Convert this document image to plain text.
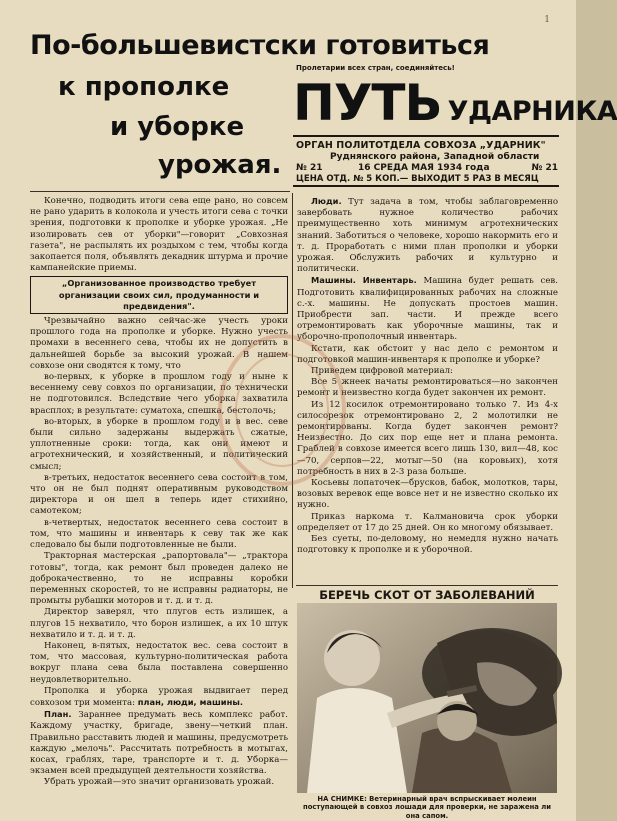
1
По-большевистски готовиться
к прополке
и уборке
урожая.
Пролетарии всех стран, соединяйтесь!
ПУТЬ УДАРНИКА
ОРГАН ПОЛИТОТДЕЛА СОВХОЗА „УДАРНИК"
Руднянского района, Западной области
№ 21	16 СРЕДА МАЯ 1934 года	№ 21
ЦЕНА ОТД. № 5 КОП.— ВЫХОДИТ 5 РАЗ В МЕСЯЦ

Конечно, подводить итоги сева еще рано, но совсем не рано ударить в колокола и учесть итоги сева с точки зрения, подготовки к прополке и уборке урожая. „Не изолировать сев от уборки"—говорит „Совхозная газета", не распылять их роздыхом с тем, чтобы когда закопается поля, объявлять декадник штурма и прочие кампанейские приемы.

„Организованное производство требует организации своих сил, продуманности и предвидения".

Чрезвычайно важно сейчас-же учесть уроки прошлого года на прополке и уборке. Нужно учесть промахи в весеннего сева, чтобы их не допустить в дальнейшей борьбе за высокий урожай. В нашем совхозе они сводятся к тому, что

во-первых, к уборке в прошлом году и ныне к весеннему севу совхоз по организации, по технически не подготовился. Вследствие чего уборка захватила врасплох; в результате: суматоха, спешка, бестолочь;

во-вторых, в уборке в прошлом году и в вес. севе были сильно задержаны выдержать сжатые, уплотненные сроки: тогда, как они имеют и агротехнический, и хозяйственный, и политический смысл;

в-третьих, недостаток весеннего сева состоит в том, что он не был поднят оперативным руководством директора и он шел в теперь идет стихийно, самотеком;

в-четвертых, недостаток весеннего сева состоит в том, что машины и инвентарь к севу так же как следовало бы были подготовленные не были.

Тракторная мастерская „рапортовала"— „трактора готовы", тогда, как ремонт был проведен далеко не доброкачественно, то не исправны коробки переменных скоростей, то не исправны радиаторы, не промыты рубашки моторов и т. д. и т. д.

Директор заверял, что плугов есть излишек, а плугов 15 нехватило, что борон излишек, а их 10 штук нехватило и т. д. и т. д.

Наконец, в-пятых, недостаток вес. сева состоит в том, что массовая, культурно-политическая работа вокруг плана сева была поставлена совершенно неудовлетворительно.

Прополка и уборка урожая выдвигает перед совхозом три момента: план, люди, машины.

План. Зараннее предумать весь комплекс работ. Каждому участку, бригаде, звену—четкий план. Правильно расставить людей и машины, предусмотреть каждую „мелочь". Рассчитать потребность в мотыгах, косах, граблях, таре, транспорте и т. д. Уборка—экзамен всей предыдущей деятельности хозяйства.

Убрать урожай—это значит организовать урожай.

Люди. Тут задача в том, чтобы заблаговременно завербовать нужное количество рабочих преимущественно хоть минимум агротехнических знаний. Заботиться о человеке, хорошо накормить его и т. д. Проработать с ними план прополки и уборки урожая. Обслужить рабочих и культурно и политически.

Машины. Инвентарь. Машина будет решать сев. Подготовить квалифицированных рабочих на сложные с.-х. машины. Не допускать простоев машин. Приобрести зап. части. И прежде всего отремонтировать как уборочные машины, так и уборочно-прополочный инвентарь.

Кстати, как обстоит у нас дело с ремонтом и подготовкой машин-инвентаря к прополке и уборке?

Приведем цифровой материал:

Все 5 жнеек начаты ремонтироваться—но закончен ремонт и неизвестно когда будет закончен их ремонт.

Из 12 косилок отремонтировано только 7. Из 4-х силосорезок отремонтировано 2, 2 молотилки не ремонтированы. Когда будет закончен ремонт? Неизвестно. До сих пор еще нет и плана ремонта. Граблей в совхозе имеется всего лишь 130, вил—48, кос—70, серпов—22, мотыг—50 (на коровьих), хотя потребность в них в 2-3 раза больше.

Косьевы лопаточек—брусков, бабок, молотков, тары, возовых веревок еще вовсе нет и не известно сколько их нужно.

Приказ наркома т. Калмановича срок уборки определяет от 17 до 25 дней. Он ко многому обязывает.

Без суеты, по-деловому, но немедля нужно начать подготовку к прополке и к уборочной.

БЕРЕЧЬ СКОТ ОТ ЗАБОЛЕВАНИЙ

НА СНИМКЕ: Ветеринарный врач вспрыскивает молеин поступающей в совхоз лошади для проверки, не заражена ли она сапом.
